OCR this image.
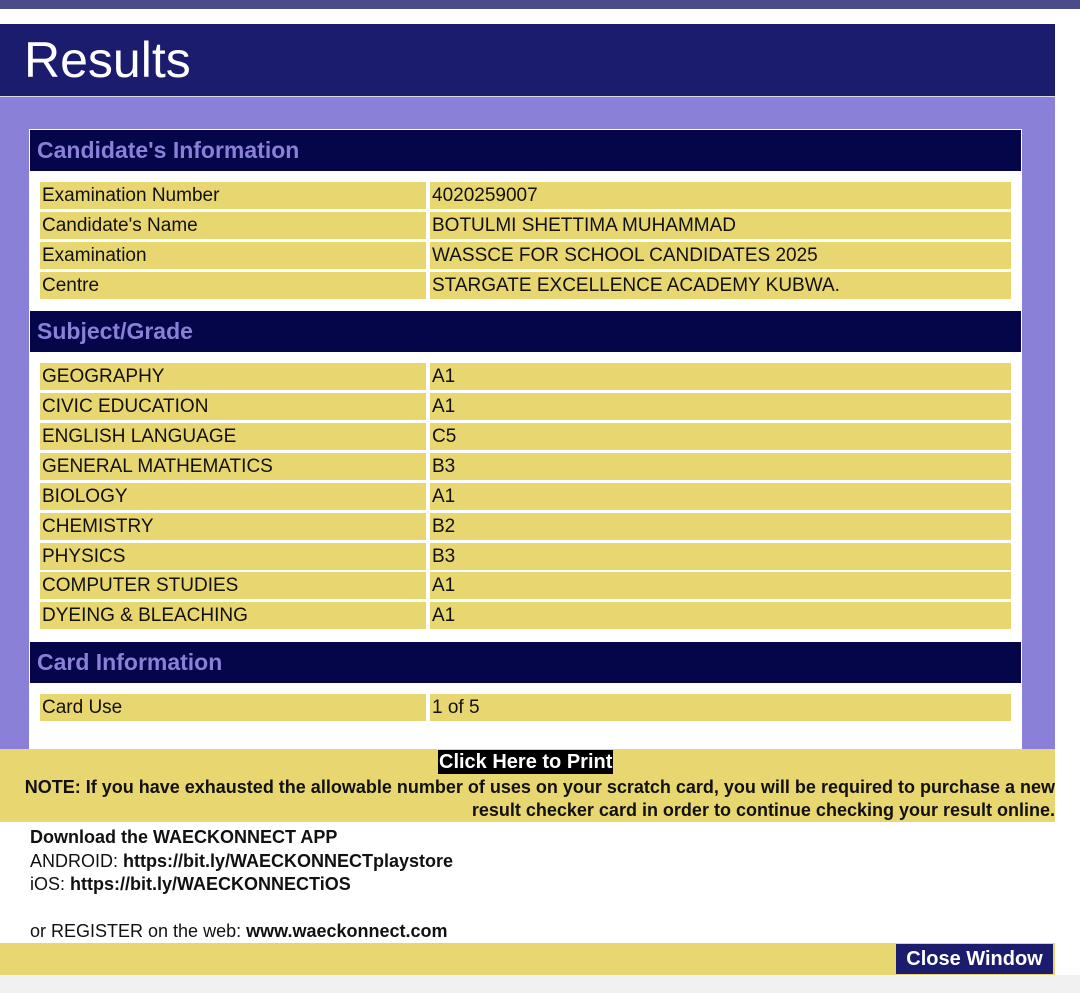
Results
Candidate's Information
Examination Number	4020259007
Candidate's Name	BOTULMI SHETTIMA MUHAMMAD
Examination	WASSCE FOR SCHOOL CANDIDATES 2025
Centre	STARGATE EXCELLENCE ACADEMY KUBWA.
Subject/Grade
GEOGRAPHY	A1
CIVIC EDUCATION	A1
ENGLISH LANGUAGE	C5
GENERAL MATHEMATICS	B3
BIOLOGY	A1
CHEMISTRY	B2
PHYSICS	B3
COMPUTER STUDIES	A1
DYEING & BLEACHING	A1
Card Information
Card Use	1 of 5
Click Here to Print
NOTE: If you have exhausted the allowable number of uses on your scratch card, you will be required to purchase a new result checker card in order to continue checking your result online.
Download the WAECKONNECT APP
ANDROID: https://bit.ly/WAECKONNECTplaystore
iOS: https://bit.ly/WAECKONNECTiOS
or REGISTER on the web: www.waeckonnect.com
Close Window
